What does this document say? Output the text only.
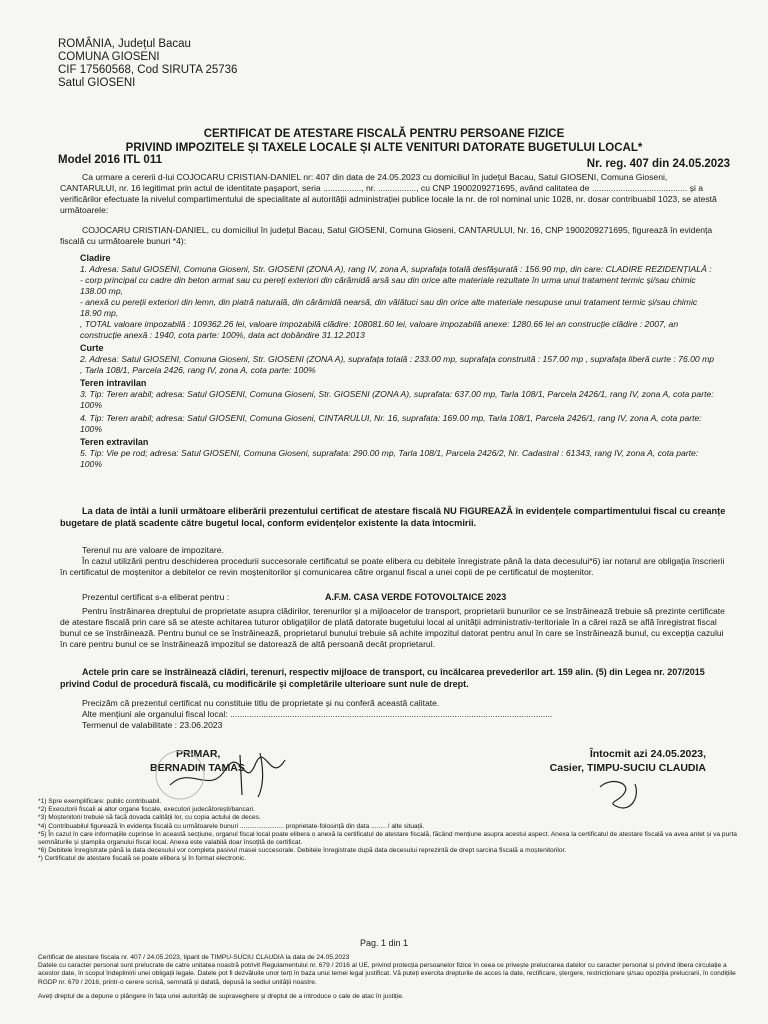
ROMÂNIA, Județul Bacau

COMUNA GIOSENI

CIF 17560568, Cod SIRUTA 25736

Satul GIOSENI

CERTIFICAT DE ATESTARE FISCALĂ PENTRU PERSOANE FIZICE
PRIVIND IMPOZITELE ȘI TAXELE LOCALE ȘI ALTE VENITURI DATORATE BUGETULUI LOCAL*
Model 2016 ITL 011	Nr. reg. 407 din 24.05.2023
Ca urmare a cererii d-lui COJOCARU CRISTIAN-DANIEL nr: 407 din data de 24.05.2023 cu domiciliul în județul Bacau, Satul GIOSENI, Comuna Gioseni, CANTARULUI, nr. 16 legitimat prin actul de identitate pașaport, seria ................, nr. ................, cu CNP 1900209271695, având calitatea de ........................................ și a verificărilor efectuate la nivelul compartimentului de specialitate al autorității administrației publice locale la nr. de rol nominal unic 1028, nr. dosar contribuabil 1023, se atestă următoarele:
COJOCARU CRISTIAN-DANIEL, cu domiciliul în județul Bacau, Satul GIOSENI, Comuna Gioseni, CANTARULUI, Nr. 16, CNP 1900209271695, figurează în evidența fiscală cu următoarele bunuri *4):
Cladire
1. Adresa: Satul GIOSENI, Comuna Gioseni, Str. GIOSENI (ZONA A), rang IV, zona A, suprafața totală desfășurată : 156.90 mp, din care: CLADIRE REZIDENȚIALĂ : - corp principal cu cadre din beton armat sau cu pereți exteriori din cărămidă arsă sau din orice alte materiale rezultate în urma unui tratament termic și/sau chimic 138.00 mp,
- anexă cu pereții exteriori din lemn, din piatră naturală, din cărămidă nearsă, din vălătuci sau din orice alte materiale nesupuse unui tratament termic și/sau chimic 18.90 mp,
, TOTAL valoare impozabilă : 109362.26 lei, valoare impozabilă clădire: 108081.60 lei, valoare impozabilă anexe: 1280.66 lei an construcție clădire : 2007, an construcție anexă : 1940, cota parte: 100%, data act dobândire 31.12.2013
Curte
2. Adresa: Satul GIOSENI, Comuna Gioseni, Str. GIOSENI (ZONA A), suprafața totală : 233.00 mp, suprafața construită : 157.00 mp , suprafața liberă curte : 76.00 mp , Tarla 108/1, Parcela 2426, rang IV, zona A, cota parte: 100%
Teren intravilan
3. Tip: Teren arabil; adresa: Satul GIOSENI, Comuna Gioseni, Str. GIOSENI (ZONA A), suprafata: 637.00 mp, Tarla 108/1, Parcela 2426/1, rang IV, zona A, cota parte: 100%
4. Tip: Teren arabil; adresa: Satul GIOSENI, Comuna Gioseni, CINTARULUI, Nr. 16, suprafata: 169.00 mp, Tarla 108/1, Parcela 2426/1, rang IV, zona A, cota parte: 100%
Teren extravilan
5. Tip: Vie pe rod; adresa: Satul GIOSENI, Comuna Gioseni, suprafata: 290.00 mp, Tarla 108/1, Parcela 2426/2, Nr. Cadastral : 61343, rang IV, zona A, cota parte: 100%
La data de întâi a lunii următoare eliberării prezentului certificat de atestare fiscală NU FIGUREAZĂ în evidențele compartimentului fiscal cu creanțe bugetare de plată scadente către bugetul local, conform evidențelor existente la data întocmirii.

Terenul nu are valoare de impozitare.

În cazul utilizării pentru deschiderea procedurii succesorale certificatul se poate elibera cu debitele înregistrate până la data decesului*6) iar notarul are obligația înscrierii în certificatul de moștenitor a debitelor ce revin moștenitorilor și comunicarea către organul fiscal a unei copii de pe certificatul de moștenitor.

Prezentul certificat s-a eliberat pentru :	A.F.M. CASA VERDE FOTOVOLTAICE 2023
Pentru înstrăinarea dreptului de proprietate asupra clădirilor, terenurilor și a mijloacelor de transport, proprietarii bunurilor ce se înstrăinează trebuie să prezinte certificate de atestare fiscală prin care să se ateste achitarea tuturor obligațiilor de plată datorate bugetului local al unității administrativ-teritoriale în a cărei rază se află înregistrat fiscal bunul ce se înstrăinează. Pentru bunul ce se înstrăinează, proprietarul bunului trebuie să achite impozitul datorat pentru anul în care se înstrăinează bunul, cu excepția cazului în care pentru bunul ce se înstrăinează impozitul se datorează de altă persoană decât proprietarul.
Actele prin care se înstrăinează clădiri, terenuri, respectiv mijloace de transport, cu încălcarea prevederilor art. 159 alin. (5) din Legea nr. 207/2015 privind Codul de procedură fiscală, cu modificările și completările ulterioare sunt nule de drept.

Precizăm că prezentul certificat nu constituie titlu de proprietate și nu conferă această calitate.

Alte mențiuni ale organului fiscal local: .......................................................................................................................................

Termenul de valabilitate : 23.06.2023

PRIMAR,
BERNADIN TAMAS
Întocmit azi 24.05.2023,
Casier, TIMPU-SUCIU CLAUDIA
*1) Spre exemplificare: public contribuabil.
*2) Executorii fiscali ai altor organe fiscale, executori judecătorești/bancari.
*3) Moștenitorii trebuie să facă dovada calității lor, cu copia actului de deces.
*4) Contribuabilul figurează în evidența fiscală cu următoarele bunuri ........................ proprietate-folosință din data ........ / alte situații.
*5) În cazul în care informațiile cuprinse în această secțiune, organul fiscal local poate elibera o anexă la certificatul de atestare fiscală, făcând mențiune asupra acestui aspect. Anexa la certificatul de atestare fiscală va avea antet și va purta semnăturile și ștampila organului fiscal local. Anexa este valabilă doar însoțită de certificat.
*6) Debitele înregistrate până la data decesului vor completa pasivul masei succesorale. Debitele înregistrate după data decesului reprezintă de drept sarcina fiscală a moștenitorilor.
*) Certificatul de atestare fiscală se poate elibera și în format electronic.
Pag. 1 din 1
Certificat de atestare fiscala nr. 407 / 24.05.2023, tiparit de TIMPU-SUCIU CLAUDIA la data de 24.05.2023
Datele cu caracter personal sunt prelucrate de catre unitatea noastră potrivit Regulamentului nr. 679 / 2016 al UE, privind protecția persoanelor fizice în ceea ce privește prelucrarea datelor cu caracter personal și privind libera circulație a acestor date, în scopul îndeplinirii unei obligații legale. Datele pot fi dezvăluite unor terți în baza unui temei legal justificat. Vă puteți exercita drepturile de acces la date, rectificare, ștergere, restricționare și/sau opoziția prelucrarii, în condițiile RGDP nr. 679 / 2016, printr-o cerere scrisă, semnată și datată, depusă la sediul unității noastre.
Aveți dreptul de a depune o plângere în fața unei autorități de supraveghere și dreptul de a introduce o cale de atac în justiție.
